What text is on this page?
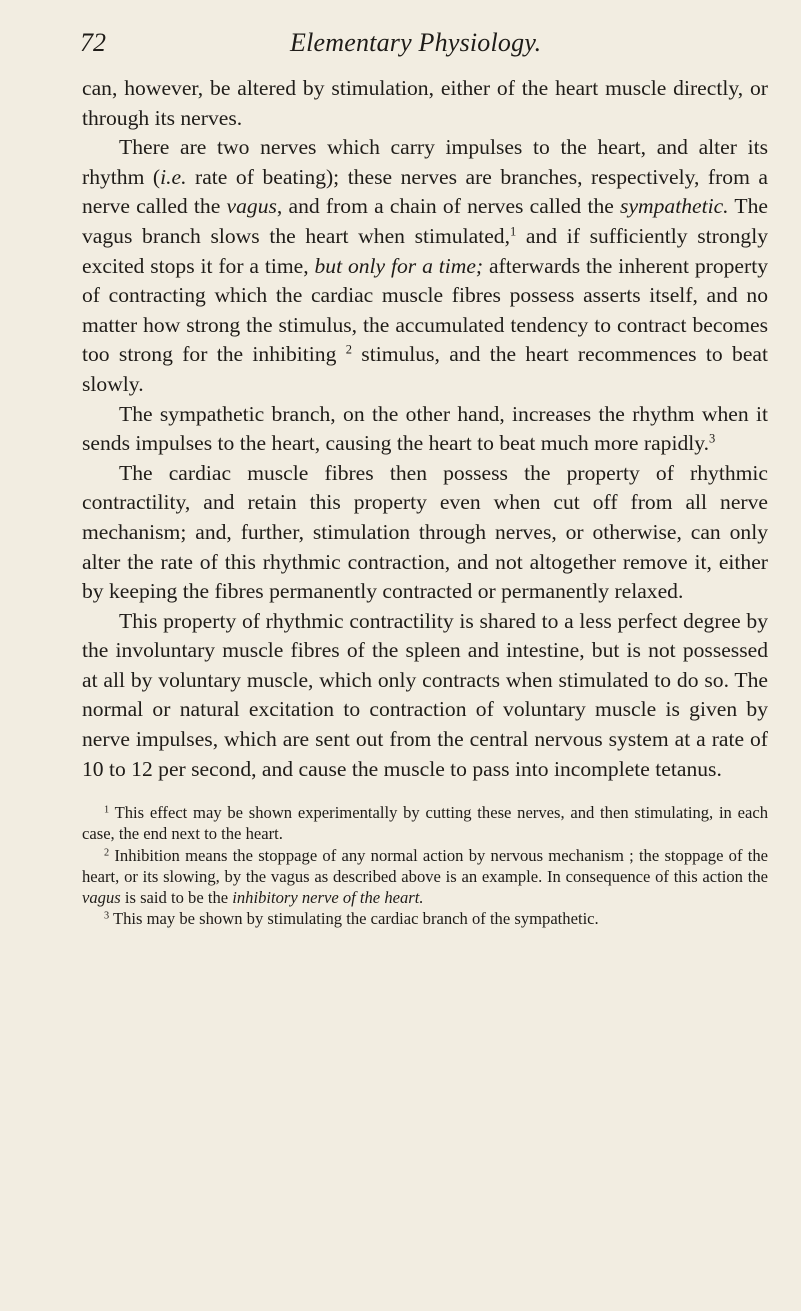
72	Elementary Physiology.

can, however, be altered by stimulation, either of the heart muscle directly, or through its nerves.

There are two nerves which carry impulses to the heart, and alter its rhythm (i.e. rate of beating); these nerves are branches, respectively, from a nerve called the vagus, and from a chain of nerves called the sympathetic. The vagus branch slows the heart when stimulated,$^1$ and if sufficiently strongly excited stops it for a time, but only for a time; afterwards the inherent property of contracting which the cardiac muscle fibres possess asserts itself, and no matter how strong the stimulus, the accumulated tendency to contract becomes too strong for the inhibiting $^2$ stimulus, and the heart recommences to beat slowly.

The sympathetic branch, on the other hand, increases the rhythm when it sends impulses to the heart, causing the heart to beat much more rapidly.$^3$

The cardiac muscle fibres then possess the property of rhythmic contractility, and retain this property even when cut off from all nerve mechanism; and, further, stimulation through nerves, or otherwise, can only alter the rate of this rhythmic contraction, and not altogether remove it, either by keeping the fibres permanently contracted or permanently relaxed.

This property of rhythmic contractility is shared to a less perfect degree by the involuntary muscle fibres of the spleen and intestine, but is not possessed at all by voluntary muscle, which only contracts when stimulated to do so. The normal or natural excitation to contraction of voluntary muscle is given by nerve impulses, which are sent out from the central nervous system at a rate of 10 to 12 per second, and cause the muscle to pass into incomplete tetanus.

$^1$ This effect may be shown experimentally by cutting these nerves, and then stimulating, in each case, the end next to the heart.

$^2$ Inhibition means the stoppage of any normal action by nervous mechanism ; the stoppage of the heart, or its slowing, by the vagus as described above is an example. In consequence of this action the vagus is said to be the inhibitory nerve of the heart.

$^3$ This may be shown by stimulating the cardiac branch of the sympathetic.
